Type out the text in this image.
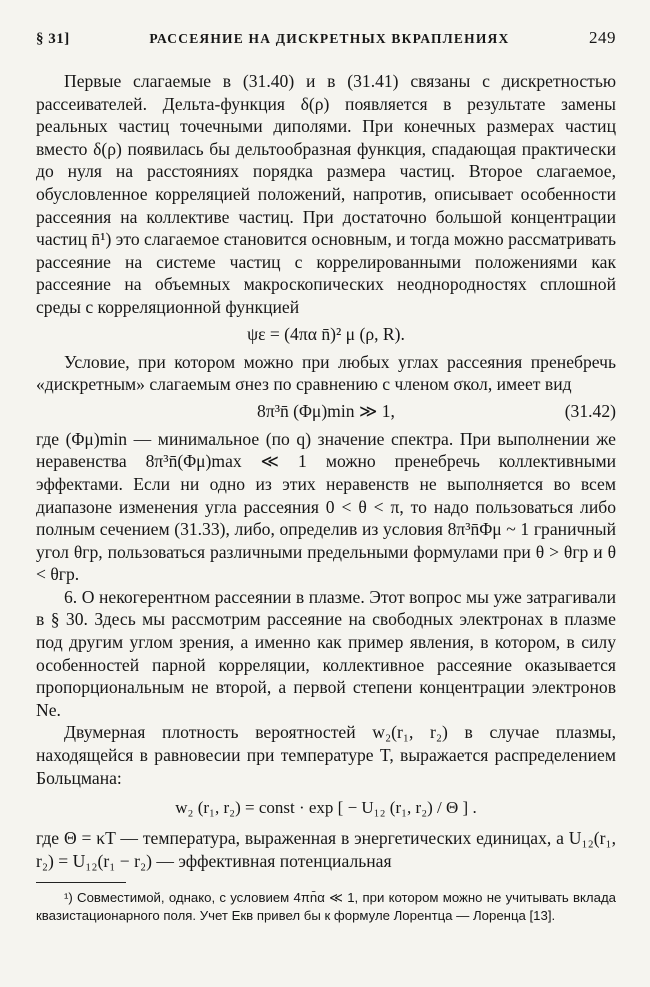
§ 31]	РАССЕЯНИЕ НА ДИСКРЕТНЫХ ВКРАПЛЕНИЯХ	249

Первые слагаемые в (31.40) и в (31.41) связаны с дискретностью рассеивателей. Дельта-функция δ(ρ) появляется в результате замены реальных частиц точечными диполями. При конечных размерах частиц вместо δ(ρ) появилась бы дельтообразная функция, спадающая практически до нуля на расстояниях порядка размера частиц. Второе слагаемое, обусловленное корреляцией положений, напротив, описывает особенности рассеяния на коллективе частиц. При достаточно большой концентрации частиц n̄¹) это слагаемое становится основным, и тогда можно рассматривать рассеяние на системе частиц с коррелированными положениями как рассеяние на объемных макроскопических неоднородностях сплошной среды с корреляционной функцией

ψε = (4πα n̄)² μ (ρ, R).

Условие, при котором можно при любых углах рассеяния пренебречь «дискретным» слагаемым σнез по сравнению с членом σкол, имеет вид

8π³n̄ (Φμ)min ≫ 1,	(31.42)

где (Φμ)min — минимальное (по q) значение спектра. При выполнении же неравенства 8π³n̄(Φμ)max ≪ 1 можно пренебречь коллективными эффектами. Если ни одно из этих неравенств не выполняется во всем диапазоне изменения угла рассеяния 0 < θ < π, то надо пользоваться либо полным сечением (31.33), либо, определив из условия 8π³n̄Φμ ~ 1 граничный угол θгр, пользоваться различными предельными формулами при θ > θгр и θ < θгр.

6. О некогерентном рассеянии в плазме. Этот вопрос мы уже затрагивали в § 30. Здесь мы рассмотрим рассеяние на свободных электронах в плазме под другим углом зрения, а именно как пример явления, в котором, в силу особенностей парной корреляции, коллективное рассеяние оказывается пропорциональным не второй, а первой степени концентрации электронов Ne.

Двумерная плотность вероятностей w₂(r₁, r₂) в случае плазмы, находящейся в равновесии при температуре T, выражается распределением Больцмана:

w₂ (r₁, r₂) = const · exp [ − U₁₂ (r₁, r₂) / Θ ] .

где Θ = κT — температура, выраженная в энергетических единицах, а U₁₂(r₁, r₂) = U₁₂(r₁ − r₂) — эффективная потенциальная

¹) Совместимой, однако, с условием 4πn̄α ≪ 1, при котором можно не учитывать вклада квазистационарного поля. Учет Eкв привел бы к формуле Лорентца — Лоренца [13].
